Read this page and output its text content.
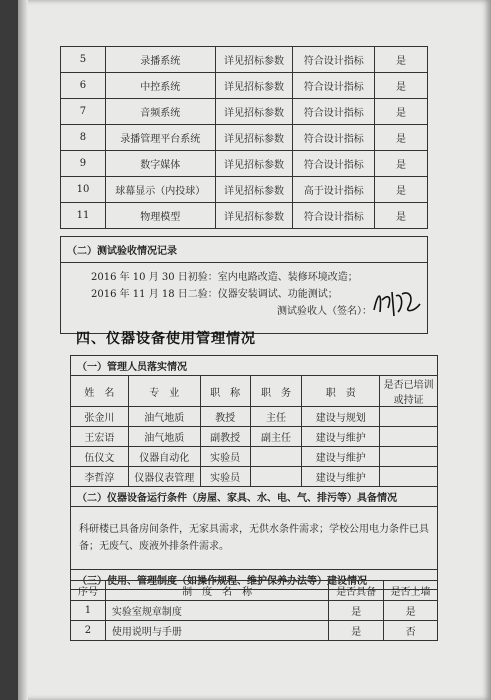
5	录播系统	详见招标参数	符合设计指标	是
6	中控系统	详见招标参数	符合设计指标	是
7	音频系统	详见招标参数	符合设计指标	是
8	录播管理平台系统	详见招标参数	符合设计指标	是
9	数字媒体	详见招标参数	符合设计指标	是
10	球幕显示（内投球）	详见招标参数	高于设计指标	是
11	物理模型	详见招标参数	符合设计指标	是
（二）测试验收情况记录

2016 年 10 月 30 日初验：室内电路改造、装修环境改造；
2016 年 11 月 18 日二验：仪器安装调试、功能测试；
测试验收人（签名）：
四、仪器设备使用管理情况
（一）管理人员落实情况					
姓　名	专　业	职　称	职　务	职　责	是否已培训或持证
张金川	油气地质	教授	主任	建设与规划	
王宏语	油气地质	副教授	副主任	建设与维护	
伍仪文	仪器自动化	实验员		建设与维护	
李哲淳	仪器仪表管理	实验员		建设与维护	
（二）仪器设备运行条件（房屋、家具、水、电、气、排污等）具备情况					
科研楼已具备房间条件，无家具需求，无供水条件需求；学校公用电力条件已具备；无废气、废液外排条件需求。					
（三）使用、管理制度（如操作规程、维护保养办法等）建设情况					
序号	制　度　名　称	是否具备	是否上墙
1	实验室规章制度	是	是
2	使用说明与手册	是	否
